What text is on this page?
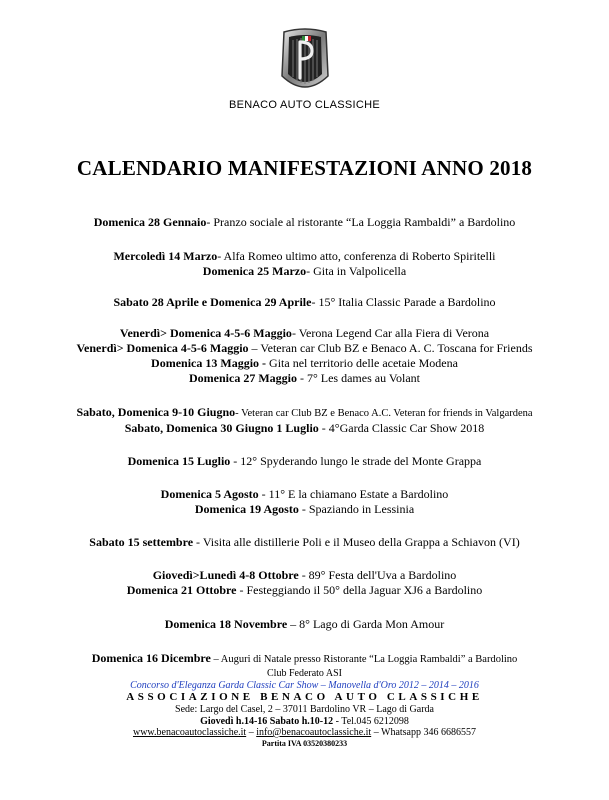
BENACO AUTO CLASSICHE
CALENDARIO MANIFESTAZIONI ANNO 2018
Domenica 28 Gennaio- Pranzo sociale al ristorante “La Loggia Rambaldi” a Bardolino
Mercoledì 14 Marzo- Alfa Romeo ultimo atto, conferenza di Roberto Spiritelli
Domenica 25 Marzo- Gita in Valpolicella
Sabato 28 Aprile e Domenica 29 Aprile- 15° Italia Classic Parade a Bardolino
Venerdì> Domenica 4-5-6 Maggio- Verona Legend Car alla Fiera di Verona
Venerdì> Domenica 4-5-6 Maggio – Veteran car Club BZ e Benaco A. C. Toscana for Friends
Domenica 13 Maggio - Gita nel territorio delle acetaie Modena
Domenica 27 Maggio - 7° Les dames au Volant
Sabato, Domenica 9-10 Giugno- Veteran car Club BZ e Benaco A.C. Veteran for friends in Valgardena
Sabato, Domenica 30 Giugno 1 Luglio - 4°Garda Classic Car Show 2018
Domenica 15 Luglio - 12° Spyderando lungo le strade del Monte Grappa
Domenica 5 Agosto - 11° E la chiamano Estate a Bardolino
Domenica 19 Agosto - Spaziando in Lessinia
Sabato 15 settembre - Visita alle distillerie Poli e il Museo della Grappa a Schiavon (VI)
Giovedì>Lunedì 4-8 Ottobre - 89° Festa dell'Uva a Bardolino
Domenica 21 Ottobre - Festeggiando il 50° della Jaguar XJ6 a Bardolino
Domenica 18 Novembre – 8° Lago di Garda Mon Amour
Domenica 16 Dicembre – Auguri di Natale presso Ristorante “La Loggia Rambaldi” a Bardolino
Club Federato ASI
Concorso d'Eleganza Garda Classic Car Show – Manovella d'Oro 2012 – 2014 – 2016
ASSOCIAZIONE BENACO AUTO CLASSICHE
Sede: Largo del Casel, 2 – 37011 Bardolino VR – Lago di Garda
Giovedì h.14-16 Sabato h.10-12 - Tel.045 6212098
www.benacoautoclassiche.it – info@benacoautoclassiche.it – Whatsapp 346 6686557
Partita IVA 03520380233
